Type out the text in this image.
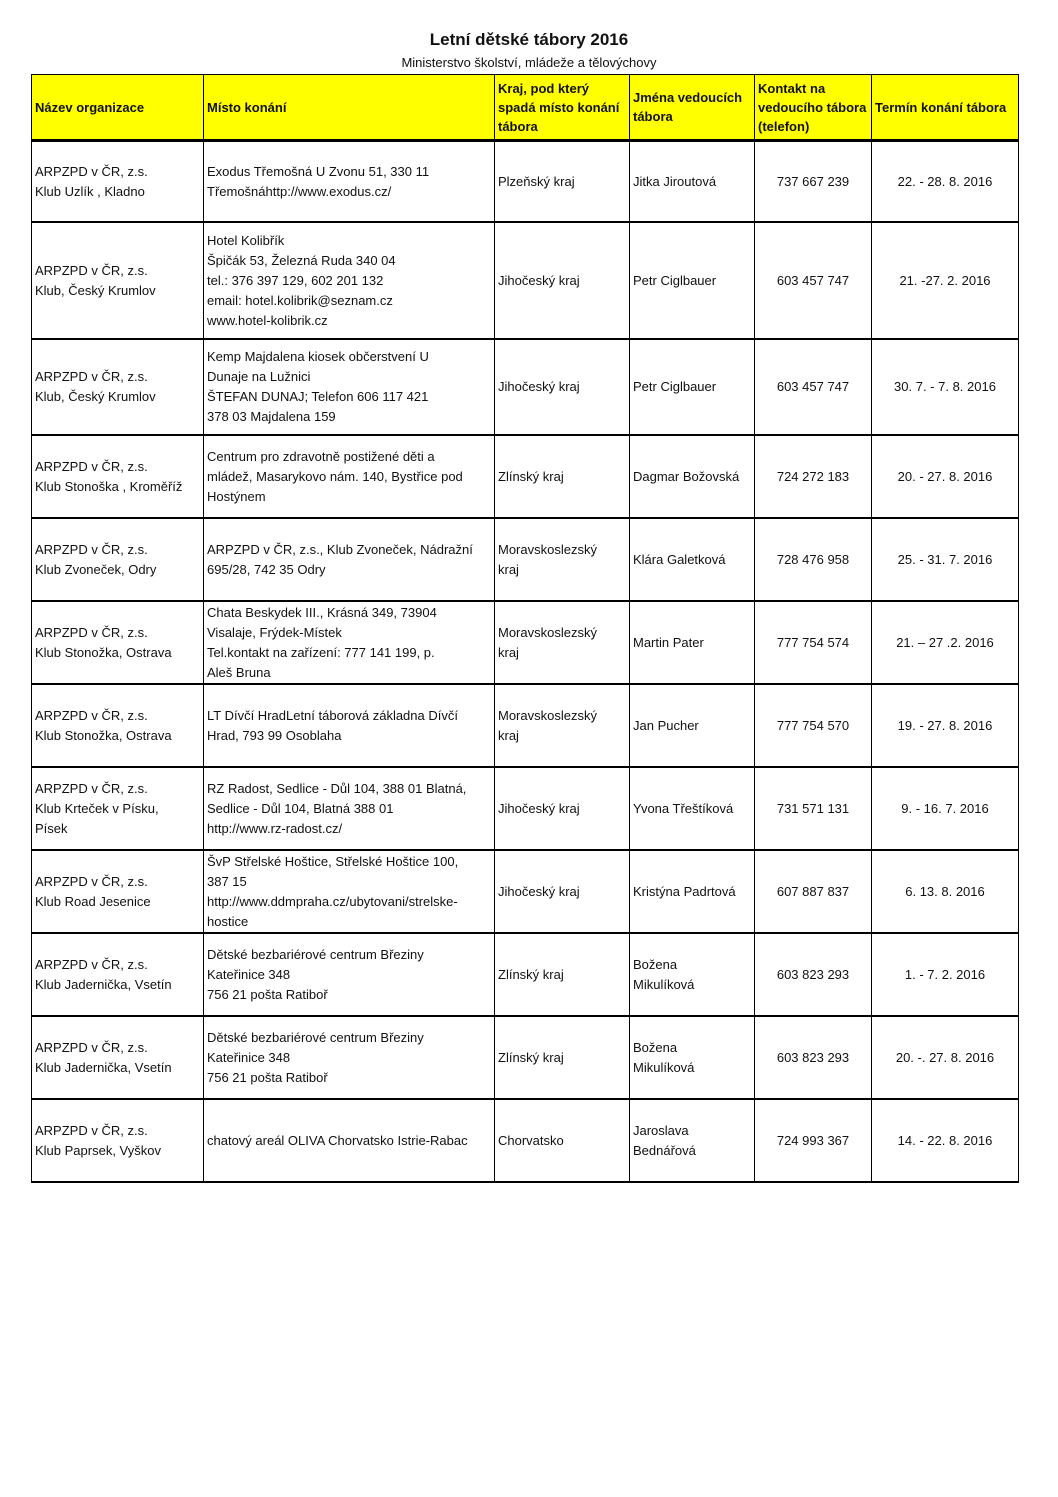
Letní dětské tábory 2016
Ministerstvo školství, mládeže a tělovýchovy
Název organizace	Místo konání	Kraj, pod který spadá místo konání tábora	Jména vedoucích tábora	Kontakt na vedoucího tábora (telefon)	Termín konání tábora
ARPZPD v ČR, z.s.
Klub Uzlík , Kladno	Exodus Třemošná U Zvonu 51, 330 11
Třemošnáhttp://www.exodus.cz/	Plzeňský kraj	Jitka Jiroutová	737 667 239	22. - 28. 8. 2016
ARPZPD v ČR, z.s.
Klub, Český Krumlov	Hotel Kolibřík
Špičák 53, Železná Ruda 340 04
tel.: 376 397 129, 602 201 132
email: hotel.kolibrik@seznam.cz
www.hotel-kolibrik.cz	Jihočeský kraj	Petr Ciglbauer	603 457 747	21. -27. 2. 2016
ARPZPD v ČR, z.s.
Klub, Český Krumlov	Kemp Majdalena kiosek občerstvení U
Dunaje na Lužnici
ŠTEFAN DUNAJ; Telefon 606 117 421
378 03 Majdalena 159	Jihočeský kraj	Petr Ciglbauer	603 457 747	30. 7. - 7. 8. 2016
ARPZPD v ČR, z.s.
Klub Stonoška , Kroměříž	Centrum pro zdravotně postižené děti a
mládež, Masarykovo nám. 140, Bystřice pod
Hostýnem	Zlínský kraj	Dagmar Božovská	724 272 183	20. - 27. 8. 2016
ARPZPD v ČR, z.s.
Klub Zvoneček, Odry	ARPZPD v ČR, z.s., Klub Zvoneček, Nádražní
695/28, 742 35 Odry	Moravskoslezský
kraj	Klára Galetková	728 476 958	25. - 31. 7. 2016
ARPZPD v ČR, z.s.
Klub Stonožka, Ostrava	Chata Beskydek III., Krásná 349, 73904
Visalaje, Frýdek-Místek
Tel.kontakt na zařízení: 777 141 199, p.
Aleš Bruna	Moravskoslezský
kraj	Martin Pater	777 754 574	21. – 27 .2. 2016
ARPZPD v ČR, z.s.
Klub Stonožka, Ostrava	LT Dívčí HradLetní táborová základna Dívčí
Hrad, 793 99 Osoblaha	Moravskoslezský
kraj	Jan Pucher	777 754 570	19. - 27. 8. 2016
ARPZPD v ČR, z.s.
Klub Krteček v Písku,
Písek	RZ Radost, Sedlice - Důl 104, 388 01 Blatná,
Sedlice - Důl 104, Blatná 388 01
http://www.rz-radost.cz/	Jihočeský kraj	Yvona Třeštíková	731 571 131	9. - 16. 7. 2016
ARPZPD v ČR, z.s.
Klub Road Jesenice	ŠvP Střelské Hoštice, Střelské Hoštice 100,
387 15
http://www.ddmpraha.cz/ubytovani/strelske-
hostice	Jihočeský kraj	Kristýna Padrtová	607 887 837	6. 13. 8. 2016
ARPZPD v ČR, z.s.
Klub Jadernička, Vsetín	Dětské bezbariérové centrum Březiny
Kateřinice 348
756 21 pošta Ratiboř	Zlínský kraj	Božena
Mikulíková	603 823 293	1. - 7. 2. 2016
ARPZPD v ČR, z.s.
Klub Jadernička, Vsetín	Dětské bezbariérové centrum Březiny
Kateřinice 348
756 21 pošta Ratiboř	Zlínský kraj	Božena
Mikulíková	603 823 293	20. -. 27. 8. 2016
ARPZPD v ČR, z.s.
Klub Paprsek, Vyškov	chatový areál OLIVA Chorvatsko Istrie-Rabac	Chorvatsko	Jaroslava
Bednářová	724 993 367	14. - 22. 8. 2016
